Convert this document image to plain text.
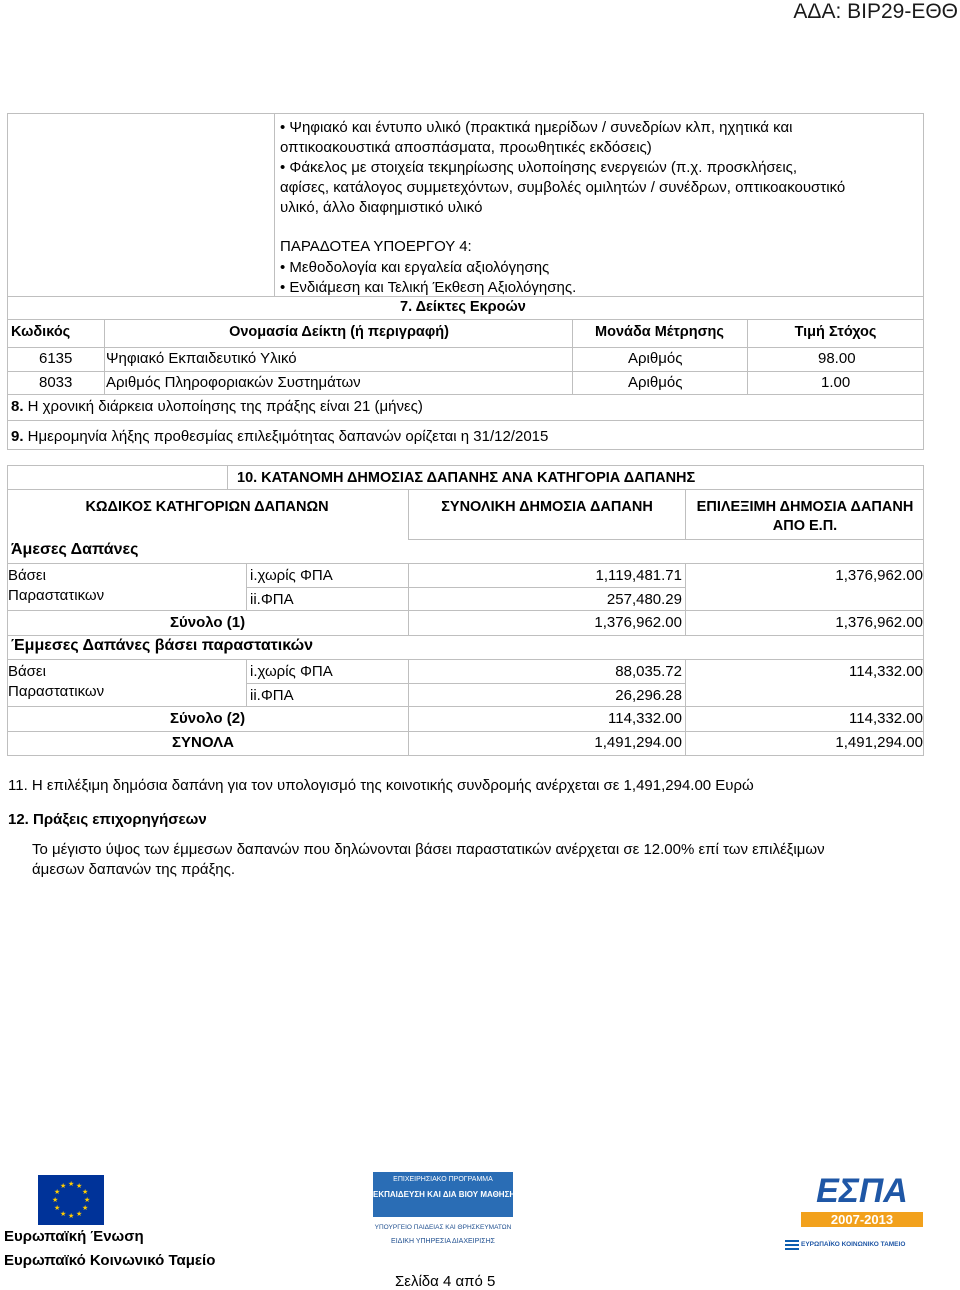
ΑΔΑ: ΒΙΡ29-ΕΘΘ
• Ψηφιακό και έντυπο υλικό (πρακτικά ημερίδων / συνεδρίων κλπ, ηχητικά και
οπτικοακουστικά αποσπάσματα, προωθητικές εκδόσεις)
• Φάκελος με στοιχεία τεκμηρίωσης υλοποίησης ενεργειών (π.χ. προσκλήσεις,
αφίσες, κατάλογος συμμετεχόντων, συμβολές ομιλητών / συνέδρων, οπτικοακουστικό
υλικό, άλλο διαφημιστικό υλικό
ΠΑΡΑΔΟΤΕΑ ΥΠΟΕΡΓΟΥ 4:
• Μεθοδολογία και εργαλεία αξιολόγησης
• Ενδιάμεση και Τελική Έκθεση Αξιολόγησης.
7. Δείκτες Εκροών
Κωδικός	Ονομασία Δείκτη (ή περιγραφή)	Μονάδα Μέτρησης	Τιμή Στόχος
6135 Ψηφιακό Εκπαιδευτικό Υλικό	Αριθμός	98.00
8033 Αριθμός Πληροφοριακών Συστημάτων	Αριθμός	1.00
8. Η χρονική διάρκεια υλοποίησης της πράξης είναι 21 (μήνες)
9. Ημερομηνία λήξης προθεσμίας επιλεξιμότητας δαπανών ορίζεται η 31/12/2015
10. ΚΑΤΑΝΟΜΗ ΔΗΜΟΣΙΑΣ ΔΑΠΑΝΗΣ ΑΝΑ ΚΑΤΗΓΟΡΙΑ ΔΑΠΑΝΗΣ
ΚΩΔΙΚΟΣ ΚΑΤΗΓΟΡΙΩΝ ΔΑΠΑΝΩΝ	ΣΥΝΟΛΙΚΗ ΔΗΜΟΣΙΑ ΔΑΠΑΝΗ	ΕΠΙΛΕΞΙΜΗ ΔΗΜΟΣΙΑ ΔΑΠΑΝΗ
ΑΠΟ Ε.Π.
Άμεσες Δαπάνες
Βάσει
Παραστατικων
i.χωρίς ΦΠΑ	1,119,481.71	1,376,962.00
ii.ΦΠΑ	257,480.29
Σύνολο (1)	1,376,962.00	1,376,962.00
Έμμεσες Δαπάνες βάσει παραστατικών
Βάσει
Παραστατικων
i.χωρίς ΦΠΑ	88,035.72	114,332.00
ii.ΦΠΑ	26,296.28
Σύνολο (2)	114,332.00	114,332.00
ΣΥΝΟΛΑ	1,491,294.00	1,491,294.00
11. Η επιλέξιμη δημόσια δαπάνη για τον υπολογισμό της κοινοτικής συνδρομής ανέρχεται σε 1,491,294.00 Ευρώ
12. Πράξεις επιχορηγήσεων
Το μέγιστο ύψος των έμμεσων δαπανών που δηλώνονται βάσει παραστατικών ανέρχεται σε 12.00% επί των επιλέξιμων
άμεσων δαπανών της πράξης.
★ ★
★
★
★
★
★
★
★
★
★
★
Ευρωπαϊκή Ένωση
Ευρωπαϊκό Κοινωνικό Ταμείο
Σελίδα 4 από 5
ΕΠΙΧΕΙΡΗΣΙΑΚΟ ΠΡΟΓΡΑΜΜΑ
ΕΚΠΑΙΔΕΥΣΗ ΚΑΙ ΔΙΑ ΒΙΟΥ ΜΑΘΗΣΗ
ΥΠΟΥΡΓΕΙΟ ΠΑΙΔΕΙΑΣ ΚΑΙ ΘΡΗΣΚΕΥΜΑΤΩΝ
ΕΙΔΙΚΗ ΥΠΗΡΕΣΙΑ ΔΙΑΧΕΙΡΙΣΗΣ
ΕΣΠΑ
2007-2013
ΕΥΡΩΠΑΪΚΟ ΚΟΙΝΩΝΙΚΟ ΤΑΜΕΙΟ
